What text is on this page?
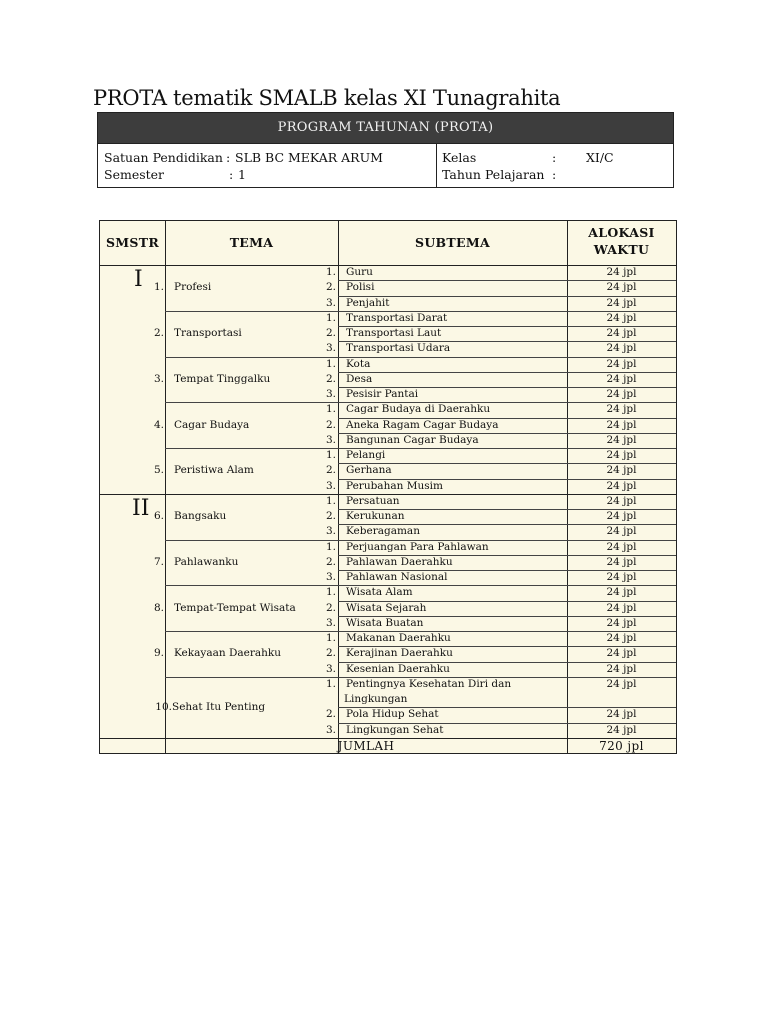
PROTA tematik SMALB kelas XI Tunagrahita
PROGRAM TAHUNAN (PROTA)
Satuan Pendidikan : SLB BC MEKAR ARUM
Semester	: 1
Kelas	: XI/C
Tahun Pelajaran :
SMSTR	TEMA	SUBTEMA
ALOKASI
WAKTU
I	1. Profesi
1. Guru	24 jpl
2. Polisi	24 jpl
3. Penjahit	24 jpl
2. Transportasi
1. Transportasi Darat	24 jpl
2. Transportasi Laut	24 jpl
3. Transportasi Udara	24 jpl
3. Tempat Tinggalku
1. Kota	24 jpl
2. Desa	24 jpl
3. Pesisir Pantai	24 jpl
4. Cagar Budaya
1. Cagar Budaya di Daerahku	24 jpl
2. Aneka Ragam Cagar Budaya	24 jpl
3. Bangunan Cagar Budaya	24 jpl
5. Peristiwa Alam
1. Pelangi	24 jpl
2. Gerhana	24 jpl
3. Perubahan Musim	24 jpl
II 6. Bangsaku
1. Persatuan	24 jpl
2. Kerukunan	24 jpl
3. Keberagaman	24 jpl
7. Pahlawanku
1. Perjuangan Para Pahlawan	24 jpl
2. Pahlawan Daerahku	24 jpl
3. Pahlawan Nasional	24 jpl
8. Tempat-Tempat Wisata
1. Wisata Alam	24 jpl
2. Wisata Sejarah	24 jpl
3. Wisata Buatan	24 jpl
9. Kekayaan Daerahku
1. Makanan Daerahku	24 jpl
2. Kerajinan Daerahku	24 jpl
3. Kesenian Daerahku	24 jpl
10. Sehat Itu Penting
1. Pentingnya Kesehatan Diri dan	24 jpl
Lingkungan
2. Pola Hidup Sehat	24 jpl
3. Lingkungan Sehat	24 jpl
JUMLAH	720 jpl
